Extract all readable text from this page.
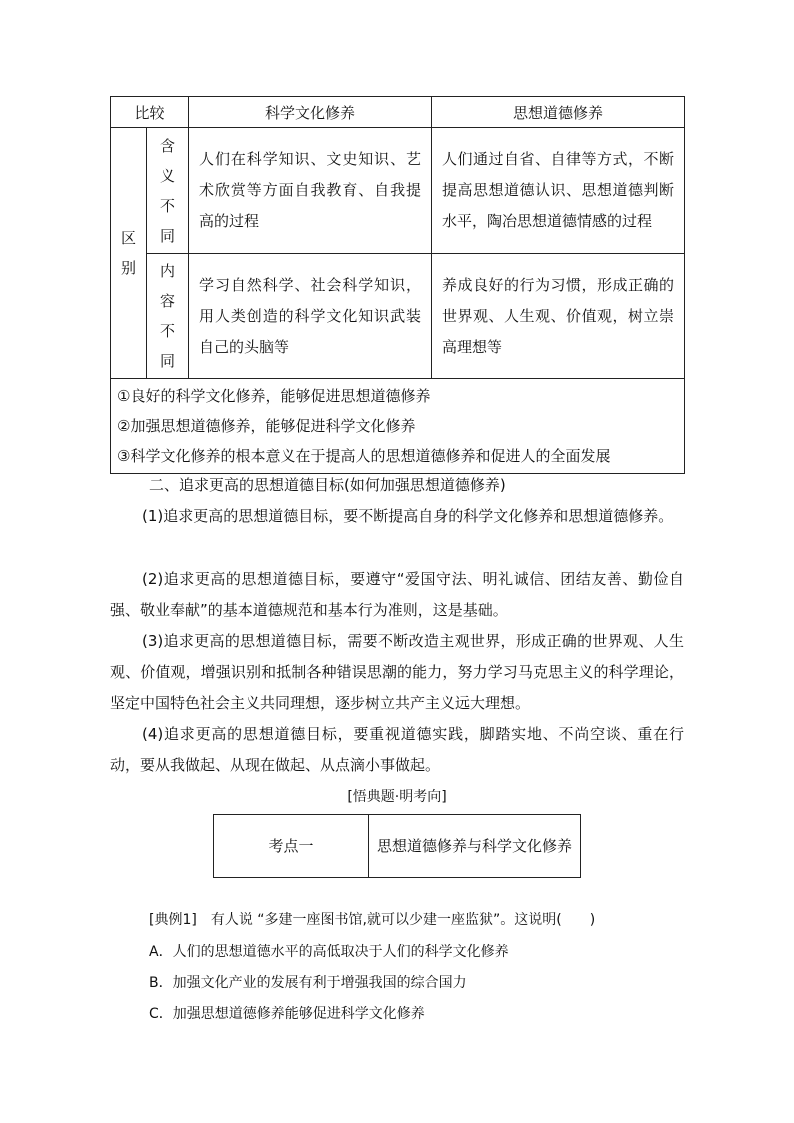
比较		科学文化修养	思想道德修养
区
别	含
义
不
同	人们在科学知识、文史知识、艺术欣赏等方面自我教育、自我提高的过程	人们通过自省、自律等方式，不断提高思想道德认识、思想道德判断水平，陶冶思想道德情感的过程
	内
容
不
同	学习自然科学、社会科学知识，用人类创造的科学文化知识武装自己的头脑等	养成良好的行为习惯，形成正确的世界观、人生观、价值观，树立崇高理想等

①良好的科学文化修养，能够促进思想道德修养
②加强思想道德修养，能够促进科学文化修养
③科学文化修养的根本意义在于提高人的思想道德修养和促进人的全面发展			
二、追求更高的思想道德目标(如何加强思想道德修养)
(1)追求更高的思想道德目标，要不断提高自身的科学文化修养和思想道德修养。
(2)追求更高的思想道德目标，要遵守“爱国守法、明礼诚信、团结友善、勤俭自强、敬业奉献”的基本道德规范和基本行为准则，这是基础。
(3)追求更高的思想道德目标，需要不断改造主观世界，形成正确的世界观、人生观、价值观，增强识别和抵制各种错误思潮的能力，努力学习马克思主义的科学理论，坚定中国特色社会主义共同理想，逐步树立共产主义远大理想。
(4)追求更高的思想道德目标，要重视道德实践，脚踏实地、不尚空谈、重在行动，要从我做起、从现在做起、从点滴小事做起。
[悟典题·明考向]
考点一	思想道德修养与科学文化修养
[典例1]　有人说 “多建一座图书馆,就可以少建一座监狱”。这说明(　　)
A．人们的思想道德水平的高低取决于人们的科学文化修养
B．加强文化产业的发展有利于增强我国的综合国力
C．加强思想道德修养能够促进科学文化修养
